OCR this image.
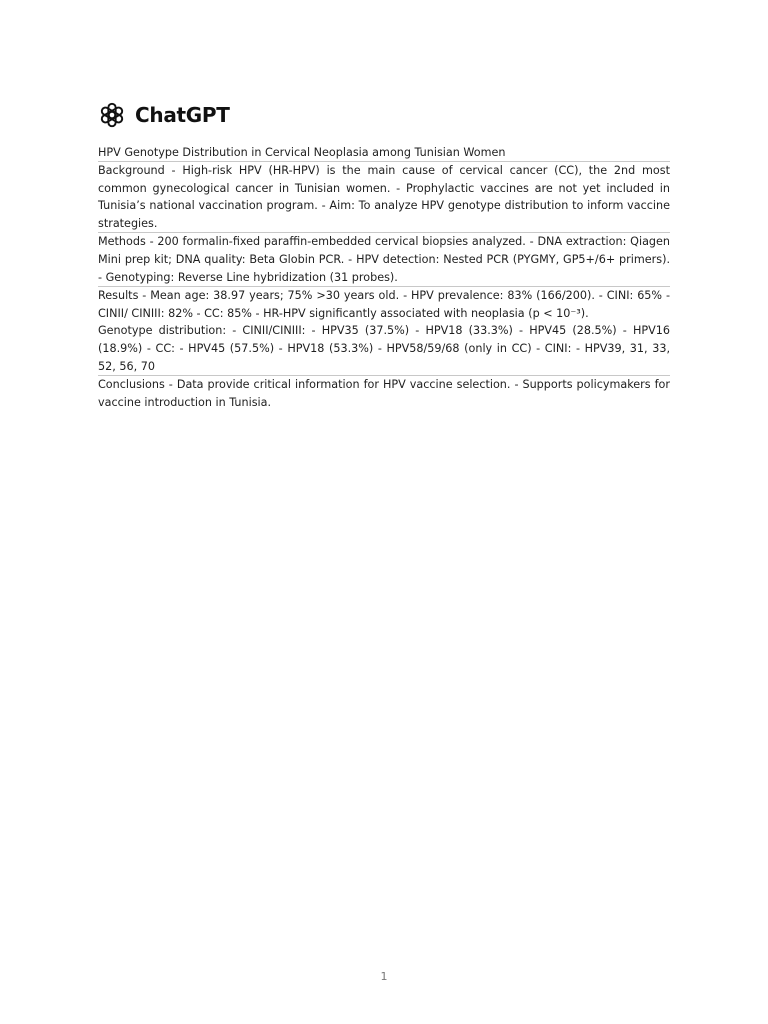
ChatGPT
HPV Genotype Distribution in Cervical Neoplasia among Tunisian Women

Background - High-risk HPV (HR-HPV) is the main cause of cervical cancer (CC), the 2nd most common gynecological cancer in Tunisian women. - Prophylactic vaccines are not yet included in Tunisia’s national vaccination program. - Aim: To analyze HPV genotype distribution to inform vaccine strategies.

Methods - 200 formalin-fixed paraffin-embedded cervical biopsies analyzed. - DNA extraction: Qiagen Mini prep kit; DNA quality: Beta Globin PCR. - HPV detection: Nested PCR (PYGMY, GP5+/6+ primers). - Genotyping: Reverse Line hybridization (31 probes).

Results - Mean age: 38.97 years; 75% >30 years old. - HPV prevalence: 83% (166/200). - CINI: 65% - CINII/ CINIII: 82% - CC: 85% - HR-HPV significantly associated with neoplasia (p < 10⁻³).

Genotype distribution: - CINII/CINIII: - HPV35 (37.5%) - HPV18 (33.3%) - HPV45 (28.5%) - HPV16 (18.9%) - CC: - HPV45 (57.5%) - HPV18 (53.3%) - HPV58/59/68 (only in CC) - CINI: - HPV39, 31, 33, 52, 56, 70

Conclusions - Data provide critical information for HPV vaccine selection. - Supports policymakers for vaccine introduction in Tunisia.

1
